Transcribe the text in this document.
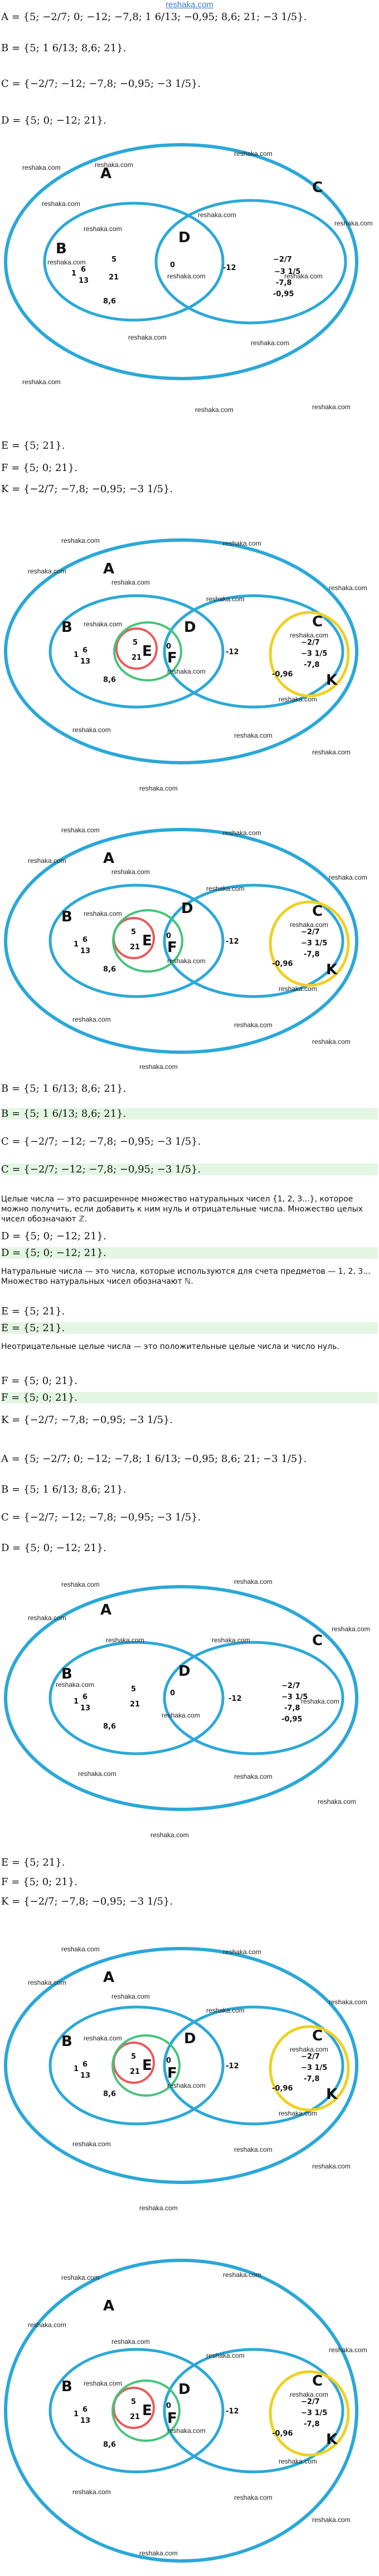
reshaka.com
A = {5; −2/7; 0; −12; −7,8; 1 6/13; −0,95; 8,6; 21; −3 1/5}.
B = {5; 1 6/13; 8,6; 21}.
C = {−2/7; −12; −7,8; −0,95; −3 1/5}.
D = {5; 0; −12; 21}.
A
B
D
C
1 6
13
8,6
5
21
0	-12
−2/7
−3 1/5
-7,8
-0,95
reshaka.com	reshaka.com
reshaka.com
reshaka.com
reshaka.com
reshaka.com
reshaka.com
reshaka.com
reshaka.com	reshaka.com
reshaka.com
reshaka.com
reshaka.com
reshaka.com	reshaka.com
E = {5; 21}.
F = {5; 0; 21}.
K = {−2/7; −7,8; −0,95; −3 1/5}.
A
B	D
E F
C
K
1
6
13
8,6
5
21
0
-12
−2/7
−3 1/5
-7,8
-0,96
reshaka.com	reshaka.com
reshaka.com
reshaka.com
reshaka.com
reshaka.com
reshaka.com
reshaka.com
reshaka.com
reshaka.com
reshaka.com
reshaka.com
reshaka.com
reshaka.com
A
B	D
E F
C
K
1
6
13
8,6
5
21
0
-12
−2/7
−3 1/5
-7,8
-0,96
reshaka.com	reshaka.com
reshaka.com
reshaka.com
reshaka.com
reshaka.com
reshaka.com
reshaka.com
reshaka.com
reshaka.com
reshaka.com
reshaka.com
reshaka.com
reshaka.com
B = {5; 1 6/13; 8,6; 21}.
B = {5; 1 6/13; 8,6; 21}.
C = {−2/7; −12; −7,8; −0,95; −3 1/5}.
C = {−2/7; −12; −7,8; −0,95; −3 1/5}.
Целые числа — это расширенное множество натуральных чисел {1, 2, 3...}, которое можно получить, если добавить к ним нуль и отрицательные числа. Множество целых чисел обозначают ℤ.
D = {5; 0; −12; 21}.
D = {5; 0; −12; 21}.
Натуральные числа — это числа, которые используются для счета предметов — 1, 2, 3... Множество натуральных чисел обозначают ℕ.
E = {5; 21}.
E = {5; 21}.
Неотрицательные целые числа — это положительные целые числа и число нуль.
F = {5; 0; 21}.
F = {5; 0; 21}.
K = {−2/7; −7,8; −0,95; −3 1/5}.
A = {5; −2/7; 0; −12; −7,8; 1 6/13; −0,95; 8,6; 21; −3 1/5}.
B = {5; 1 6/13; 8,6; 21}.
C = {−2/7; −12; −7,8; −0,95; −3 1/5}.
D = {5; 0; −12; 21}.
A
B	D
C
1
6
13
8,6
5
21
0
-12
−2/7
−3 1/5
-7,8
-0,95
reshaka.com	reshaka.com
reshaka.com
reshaka.com	reshaka.com
reshaka.com
reshaka.com
reshaka.com
reshaka.com
reshaka.com	reshaka.com
reshaka.com
reshaka.com
E = {5; 21}.
F = {5; 0; 21}.
K = {−2/7; −7,8; −0,95; −3 1/5}.
A
B	D
E F
C
K
1
6
13
8,6
5
21
0
-12
−2/7
−3 1/5
-7,8
-0,96
reshaka.com	reshaka.com
reshaka.com
reshaka.com
reshaka.com
reshaka.com
reshaka.com
reshaka.com
reshaka.com
reshaka.com
reshaka.com
reshaka.com
reshaka.com
reshaka.com
A
B	D
E F
C
K
1
6
13
8,6
5
21
0
-12
−2/7
−3 1/5
-7,8
-0,96
reshaka.com	reshaka.com
reshaka.com
reshaka.com
reshaka.com
reshaka.com
reshaka.com
reshaka.com
reshaka.com
reshaka.com
reshaka.com
reshaka.com
reshaka.com
reshaka.com
